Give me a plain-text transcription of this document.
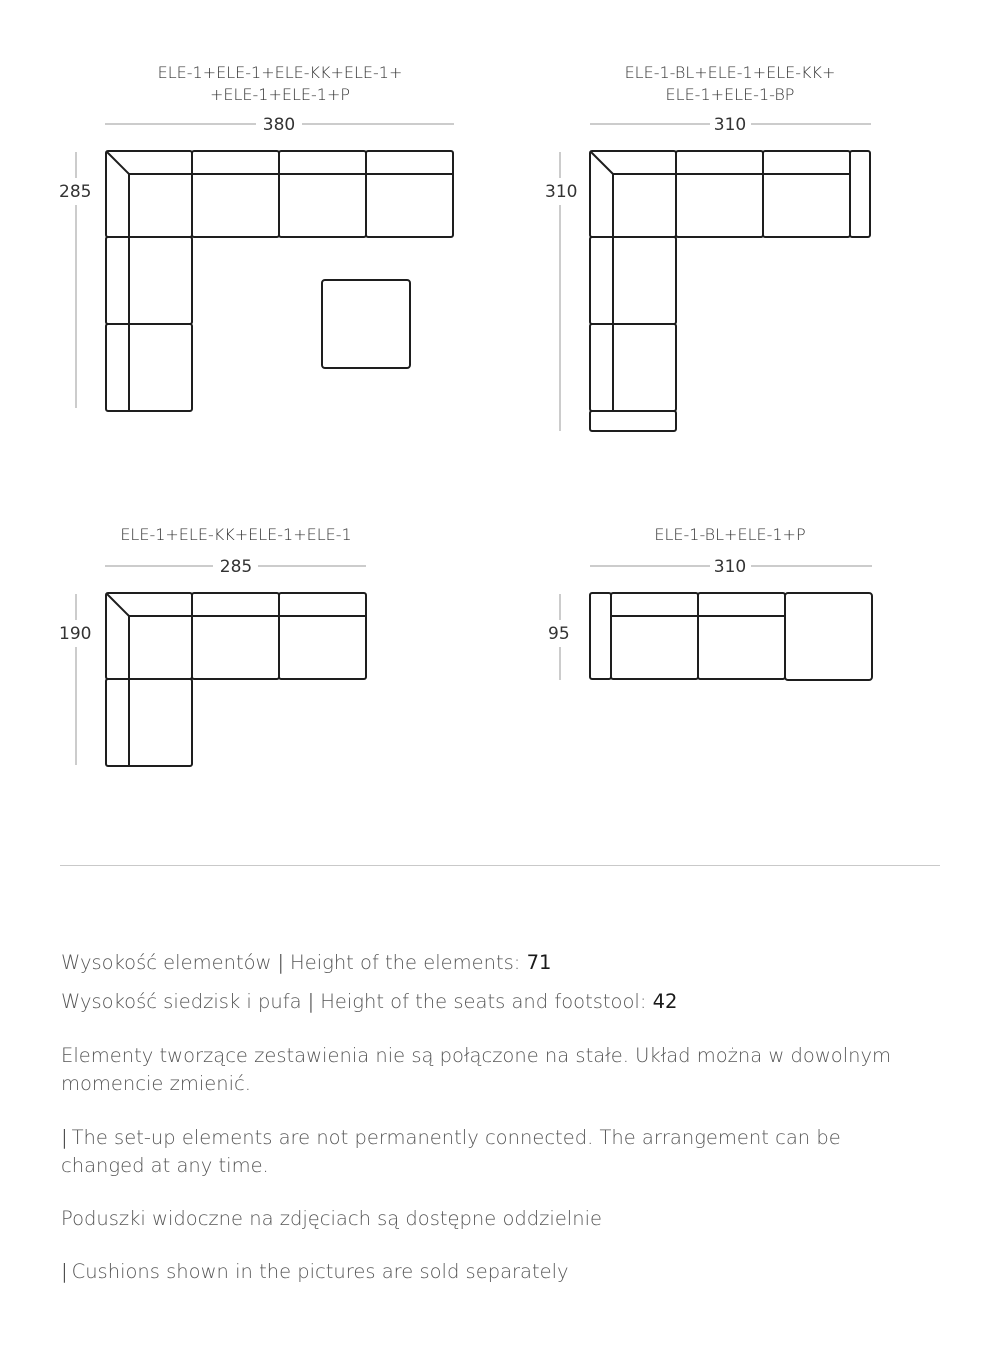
ELE-1+ELE-1+ELE-KK+ELE-1+
+ELE-1+ELE-1+P
380
285
ELE-1-BL+ELE-1+ELE-KK+
ELE-1+ELE-1-BP
310
310
ELE-1+ELE-KK+ELE-1+ELE-1
285
190
ELE-1-BL+ELE-1+P
310
95
Wysokość elementów | Height of the elements: 71
Wysokość siedzisk i pufa | Height of the seats and footstool: 42
Elementy tworzące zestawienia nie są połączone na stałe. Układ można w dowolnym momencie zmienić.
| The set-up elements are not permanently connected. The arrangement can be changed at any time.
Poduszki widoczne na zdjęciach są dostępne oddzielnie
| Cushions shown in the pictures are sold separately
